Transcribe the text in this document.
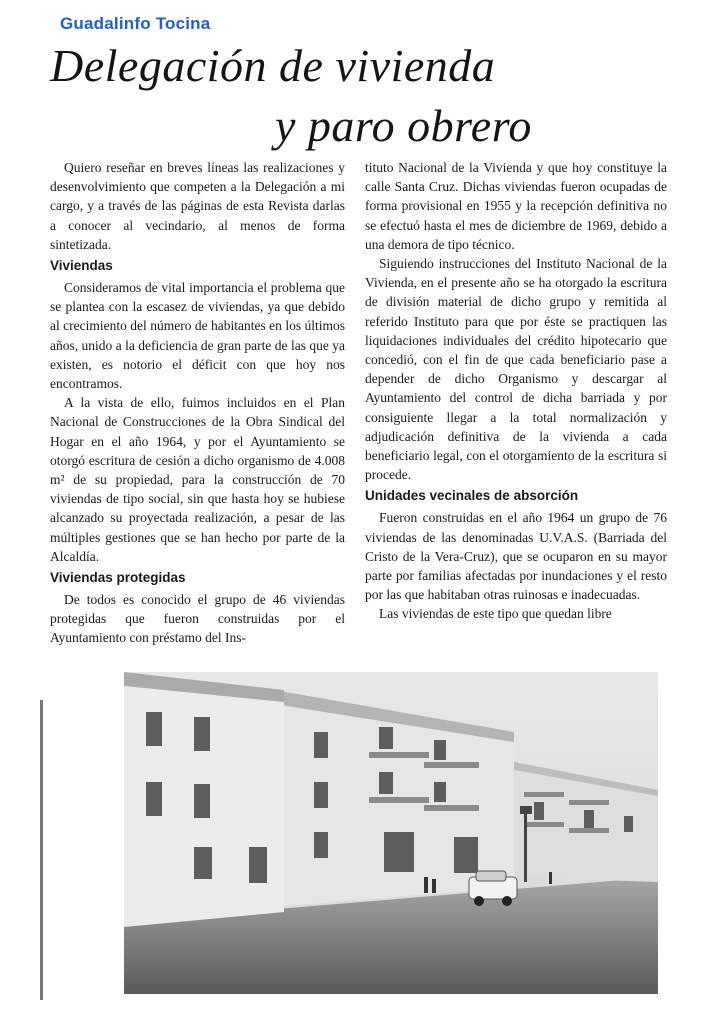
Guadalinfo Tocina
Delegación de vivienda
y paro obrero

Quiero reseñar en breves líneas las realizaciones y desenvolvimiento que competen a la Delegación a mi cargo, y a través de las páginas de esta Revista darlas a conocer al vecindario, al menos de forma sintetizada.

Viviendas

Consideramos de vital importancia el problema que se plantea con la escasez de viviendas, ya que debido al crecimiento del número de habitantes en los últimos años, unido a la deficiencia de gran parte de las que ya existen, es notorio el déficit con que hoy nos encontramos.

A la vista de ello, fuimos incluidos en el Plan Nacional de Construcciones de la Obra Sindical del Hogar en el año 1964, y por el Ayuntamiento se otorgó escritura de cesión a dicho organismo de 4.008 m² de su propiedad, para la construcción de 70 viviendas de tipo social, sin que hasta hoy se hubiese alcanzado su proyectada realización, a pesar de las múltiples gestiones que se han hecho por parte de la Alcaldía.

Viviendas protegidas

De todos es conocido el grupo de 46 viviendas protegidas que fueron construidas por el Ayuntamiento con préstamo del Ins-

tituto Nacional de la Vivienda y que hoy constituye la calle Santa Cruz. Dichas viviendas fueron ocupadas de forma provisional en 1955 y la recepción definitiva no se efectuó hasta el mes de diciembre de 1969, debido a una demora de tipo técnico.

Siguiendo instrucciones del Instituto Nacional de la Vivienda, en el presente año se ha otorgado la escritura de división material de dicho grupo y remitida al referido Instituto para que por éste se practiquen las liquidaciones individuales del crédito hipotecario que concedió, con el fin de que cada beneficiario pase a depender de dicho Organismo y descargar al Ayuntamiento del control de dicha barriada y por consiguiente llegar a la total normalización y adjudicación definitiva de la vivienda a cada beneficiario legal, con el otorgamiento de la escritura si procede.

Unidades vecinales de absorción

Fueron construidas en el año 1964 un grupo de 76 viviendas de las denominadas U.V.A.S. (Barriada del Cristo de la Vera-Cruz), que se ocuparon en su mayor parte por familias afectadas por inundaciones y el resto por las que habitaban otras ruinosas e inadecuadas.

Las viviendas de este tipo que quedan libre
